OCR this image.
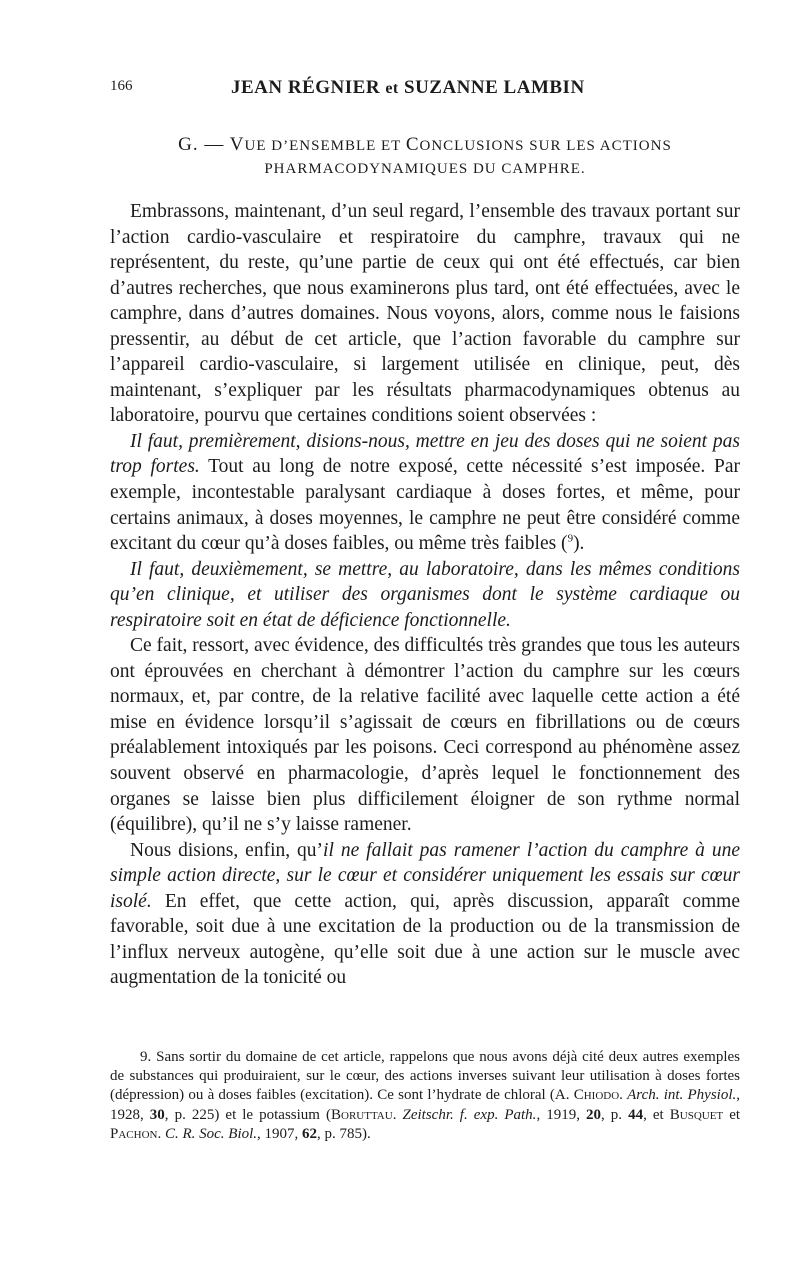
166	JEAN RÉGNIER et SUZANNE LAMBIN
G. — VUE D’ENSEMBLE ET CONCLUSIONS SUR LES ACTIONS
PHARMACODYNAMIQUES DU CAMPHRE.

Embrassons, maintenant, d’un seul regard, l’ensemble des travaux portant sur l’action cardio-vasculaire et respiratoire du camphre, travaux qui ne représentent, du reste, qu’une partie de ceux qui ont été effectués, car bien d’autres recherches, que nous examinerons plus tard, ont été effectuées, avec le camphre, dans d’autres domaines. Nous voyons, alors, comme nous le faisions pressentir, au début de cet article, que l’action favorable du camphre sur l’appareil cardio-vasculaire, si largement utilisée en clinique, peut, dès maintenant, s’expliquer par les résultats pharmacodynamiques obtenus au laboratoire, pourvu que certaines conditions soient observées :

Il faut, premièrement, disions-nous, mettre en jeu des doses qui ne soient pas trop fortes. Tout au long de notre exposé, cette nécessité s’est imposée. Par exemple, incontestable paralysant cardiaque à doses fortes, et même, pour certains animaux, à doses moyennes, le camphre ne peut être considéré comme excitant du cœur qu’à doses faibles, ou même très faibles ($^9$).

Il faut, deuxièmement, se mettre, au laboratoire, dans les mêmes conditions qu’en clinique, et utiliser des organismes dont le système cardiaque ou respiratoire soit en état de déficience fonctionnelle.

Ce fait, ressort, avec évidence, des difficultés très grandes que tous les auteurs ont éprouvées en cherchant à démontrer l’action du camphre sur les cœurs normaux, et, par contre, de la relative facilité avec laquelle cette action a été mise en évidence lorsqu’il s’agissait de cœurs en fibrillations ou de cœurs préalablement intoxiqués par les poisons. Ceci correspond au phénomène assez souvent observé en pharmacologie, d’après lequel le fonctionnement des organes se laisse bien plus difficilement éloigner de son rythme normal (équilibre), qu’il ne s’y laisse ramener.

Nous disions, enfin, qu’il ne fallait pas ramener l’action du camphre à une simple action directe, sur le cœur et considérer uniquement les essais sur cœur isolé. En effet, que cette action, qui, après discussion, apparaît comme favorable, soit due à une excitation de la production ou de la transmission de l’influx nerveux autogène, qu’elle soit due à une action sur le muscle avec augmentation de la tonicité ou

9. Sans sortir du domaine de cet article, rappelons que nous avons déjà cité deux autres exemples de substances qui produiraient, sur le cœur, des actions inverses suivant leur utilisation à doses fortes (dépression) ou à doses faibles (excitation). Ce sont l’hydrate de chloral (A. Chiodo. Arch. int. Physiol., 1928, 30, p. 225) et le potassium (Boruttau. Zeitschr. f. exp. Path., 1919, 20, p. 44, et Busquet et Pachon. C. R. Soc. Biol., 1907, 62, p. 785).
